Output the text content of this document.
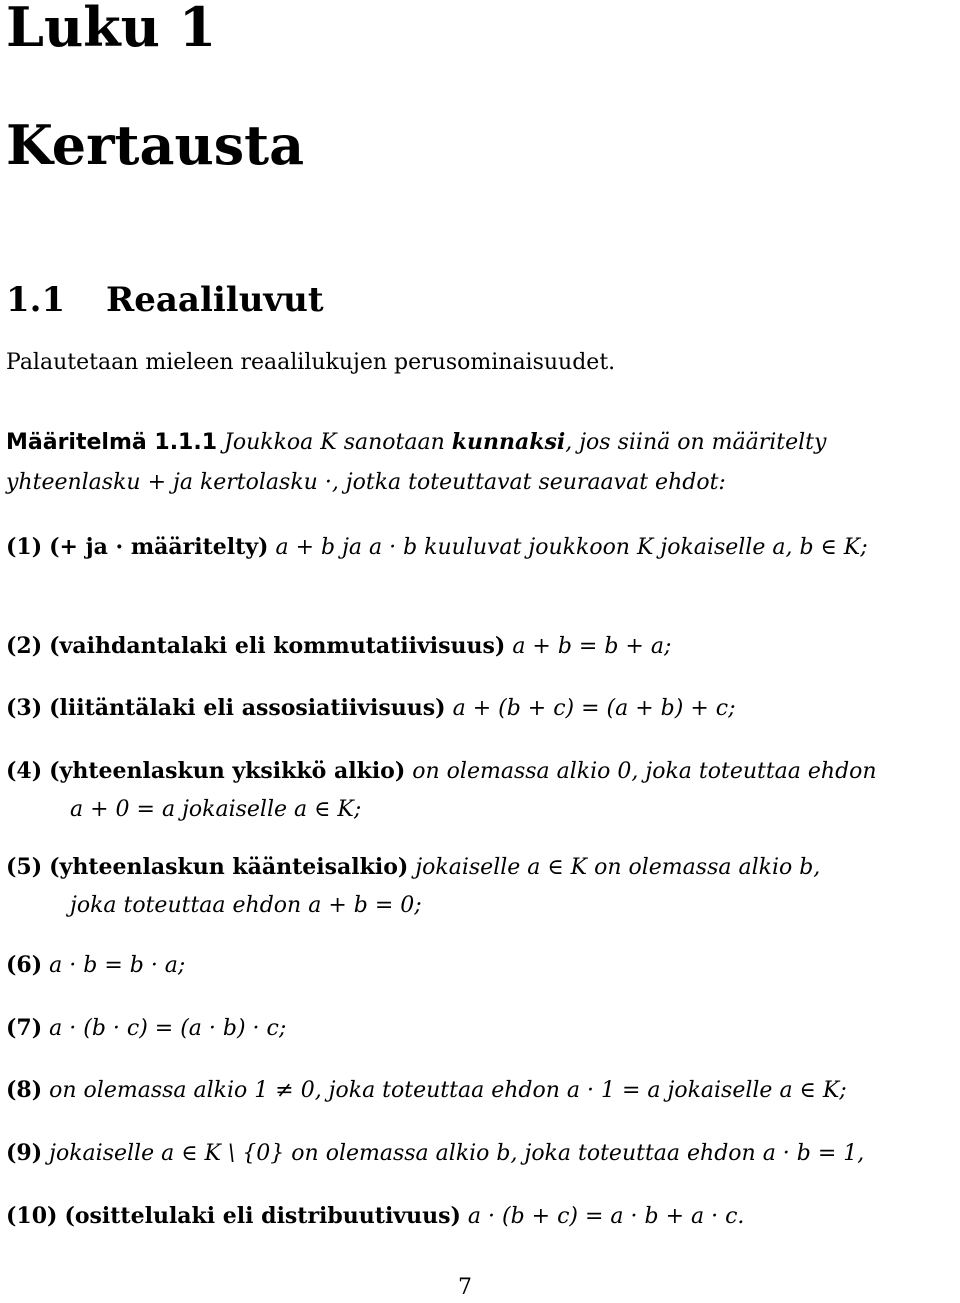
Luku 1
Kertausta
1.1 Reaaliluvut
Palautetaan mieleen reaalilukujen perusominaisuudet.
Määritelmä 1.1.1 Joukkoa K sanotaan kunnaksi, jos siinä on määritelty yhteenlasku + ja kertolasku ·, jotka toteuttavat seuraavat ehdot:
(1) (+ ja · määritelty) a + b ja a · b kuuluvat joukkoon K jokaiselle a, b ∈ K;
(2) (vaihdantalaki eli kommutatiivisuus) a + b = b + a;
(3) (liitäntälaki eli assosiatiivisuus) a + (b + c) = (a + b) + c;
(4) (yhteenlaskun yksikkö alkio) on olemassa alkio 0, joka toteuttaa ehdon
a + 0 = a jokaiselle a ∈ K;
(5) (yhteenlaskun käänteisalkio) jokaiselle a ∈ K on olemassa alkio b,
joka toteuttaa ehdon a + b = 0;
(6) a · b = b · a;
(7) a · (b · c) = (a · b) · c;
(8) on olemassa alkio 1 ≠ 0, joka toteuttaa ehdon a · 1 = a jokaiselle a ∈ K;
(9) jokaiselle a ∈ K \ {0} on olemassa alkio b, joka toteuttaa ehdon a · b = 1,
(10) (osittelulaki eli distribuutivuus) a · (b + c) = a · b + a · c.
7
